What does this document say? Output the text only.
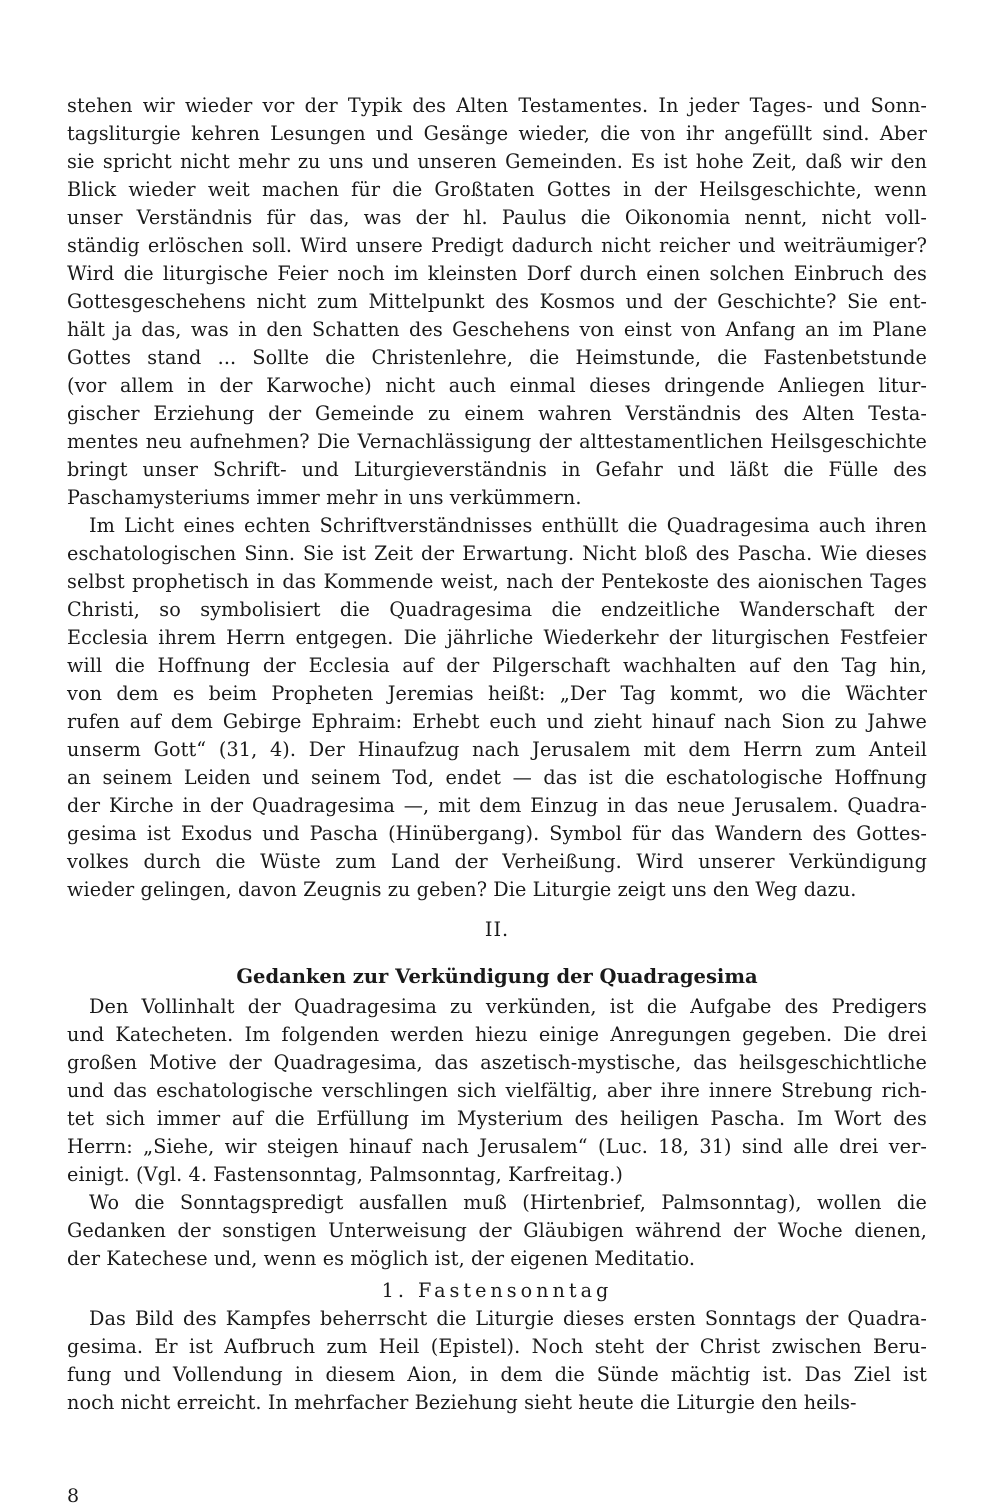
stehen wir wieder vor der Typik des Alten Testamentes. In jeder Tages- und Sonn-
tagsliturgie kehren Lesungen und Gesänge wieder, die von ihr angefüllt sind. Aber
sie spricht nicht mehr zu uns und unseren Gemeinden. Es ist hohe Zeit, daß wir den
Blick wieder weit machen für die Großtaten Gottes in der Heilsgeschichte, wenn
unser Verständnis für das, was der hl. Paulus die Oikonomia nennt, nicht voll-
ständig erlöschen soll. Wird unsere Predigt dadurch nicht reicher und weiträumiger?
Wird die liturgische Feier noch im kleinsten Dorf durch einen solchen Einbruch des
Gottesgeschehens nicht zum Mittelpunkt des Kosmos und der Geschichte? Sie ent-
hält ja das, was in den Schatten des Geschehens von einst von Anfang an im Plane
Gottes stand ... Sollte die Christenlehre, die Heimstunde, die Fastenbetstunde
(vor allem in der Karwoche) nicht auch einmal dieses dringende Anliegen litur-
gischer Erziehung der Gemeinde zu einem wahren Verständnis des Alten Testa-
mentes neu aufnehmen? Die Vernachlässigung der alttestamentlichen Heilsgeschichte
bringt unser Schrift- und Liturgieverständnis in Gefahr und läßt die Fülle des
Paschamysteriums immer mehr in uns verkümmern.

Im Licht eines echten Schriftverständnisses enthüllt die Quadragesima auch ihren
eschatologischen Sinn. Sie ist Zeit der Erwartung. Nicht bloß des Pascha. Wie dieses
selbst prophetisch in das Kommende weist, nach der Pentekoste des aionischen Tages
Christi, so symbolisiert die Quadragesima die endzeitliche Wanderschaft der
Ecclesia ihrem Herrn entgegen. Die jährliche Wiederkehr der liturgischen Festfeier
will die Hoffnung der Ecclesia auf der Pilgerschaft wachhalten auf den Tag hin,
von dem es beim Propheten Jeremias heißt: „Der Tag kommt, wo die Wächter
rufen auf dem Gebirge Ephraim: Erhebt euch und zieht hinauf nach Sion zu Jahwe
unserm Gott“ (31, 4). Der Hinaufzug nach Jerusalem mit dem Herrn zum Anteil
an seinem Leiden und seinem Tod, endet — das ist die eschatologische Hoffnung
der Kirche in der Quadragesima —, mit dem Einzug in das neue Jerusalem. Quadra-
gesima ist Exodus und Pascha (Hinübergang). Symbol für das Wandern des Gottes-
volkes durch die Wüste zum Land der Verheißung. Wird unserer Verkündigung
wieder gelingen, davon Zeugnis zu geben? Die Liturgie zeigt uns den Weg dazu.

II.
Gedanken zur Verkündigung der Quadragesima

Den Vollinhalt der Quadragesima zu verkünden, ist die Aufgabe des Predigers
und Katecheten. Im folgenden werden hiezu einige Anregungen gegeben. Die drei
großen Motive der Quadragesima, das aszetisch-mystische, das heilsgeschichtliche
und das eschatologische verschlingen sich vielfältig, aber ihre innere Strebung rich-
tet sich immer auf die Erfüllung im Mysterium des heiligen Pascha. Im Wort des
Herrn: „Siehe, wir steigen hinauf nach Jerusalem“ (Luc. 18, 31) sind alle drei ver-
einigt. (Vgl. 4. Fastensonntag, Palmsonntag, Karfreitag.)

Wo die Sonntagspredigt ausfallen muß (Hirtenbrief, Palmsonntag), wollen die
Gedanken der sonstigen Unterweisung der Gläubigen während der Woche dienen,
der Katechese und, wenn es möglich ist, der eigenen Meditatio.

1. Fastensonntag

Das Bild des Kampfes beherrscht die Liturgie dieses ersten Sonntags der Quadra-
gesima. Er ist Aufbruch zum Heil (Epistel). Noch steht der Christ zwischen Beru-
fung und Vollendung in diesem Aion, in dem die Sünde mächtig ist. Das Ziel ist
noch nicht erreicht. In mehrfacher Beziehung sieht heute die Liturgie den heils-

8
